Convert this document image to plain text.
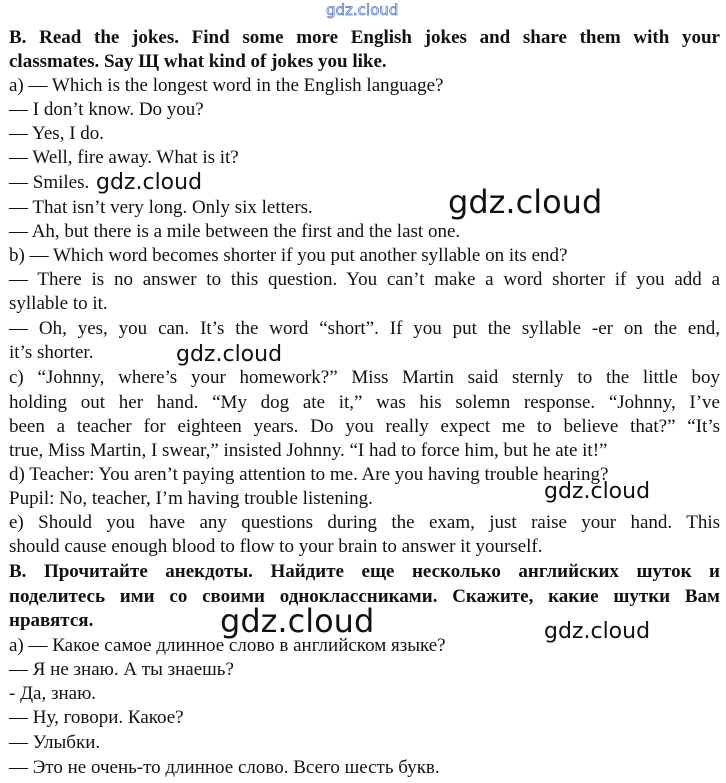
gdz.cloud
B. Read the jokes. Find some more English jokes and share them with your
classmates. Say Щ what kind of jokes you like.
a) — Which is the longest word in the English language?
— I don’t know. Do you?
— Yes, I do.
— Well, fire away. What is it?
— Smiles.
— That isn’t very long. Only six letters.
— Ah, but there is a mile between the first and the last one.
b) — Which word becomes shorter if you put another syllable on its end?
— There is no answer to this question. You can’t make a word shorter if you add a
syllable to it.
— Oh, yes, you can. It’s the word “short”. If you put the syllable -er on the end,
it’s shorter.
c) “Johnny, where’s your homework?” Miss Martin said sternly to the little boy
holding out her hand. “My dog ate it,” was his solemn response. “Johnny, I’ve
been a teacher for eighteen years. Do you really expect me to believe that?” “It’s
true, Miss Martin, I swear,” insisted Johnny. “I had to force him, but he ate it!”
d) Teacher: You aren’t paying attention to me. Are you having trouble hearing?
Pupil: No, teacher, I’m having trouble listening.
e) Should you have any questions during the exam, just raise your hand. This
should cause enough blood to flow to your brain to answer it yourself.
В. Прочитайте анекдоты. Найдите еще несколько английских шуток и
поделитесь ими со своими одноклассниками. Скажите, какие шутки Вам
нравятся.
а) — Какое самое длинное слово в английском языке?
— Я не знаю. А ты знаешь?
- Да, знаю.
— Ну, говори. Какое?
— Улыбки.
— Это не очень-то длинное слово. Всего шесть букв.
gdz.cloud
gdz.cloud
gdz.cloud
gdz.cloud
gdz.cloud	gdz.cloud
